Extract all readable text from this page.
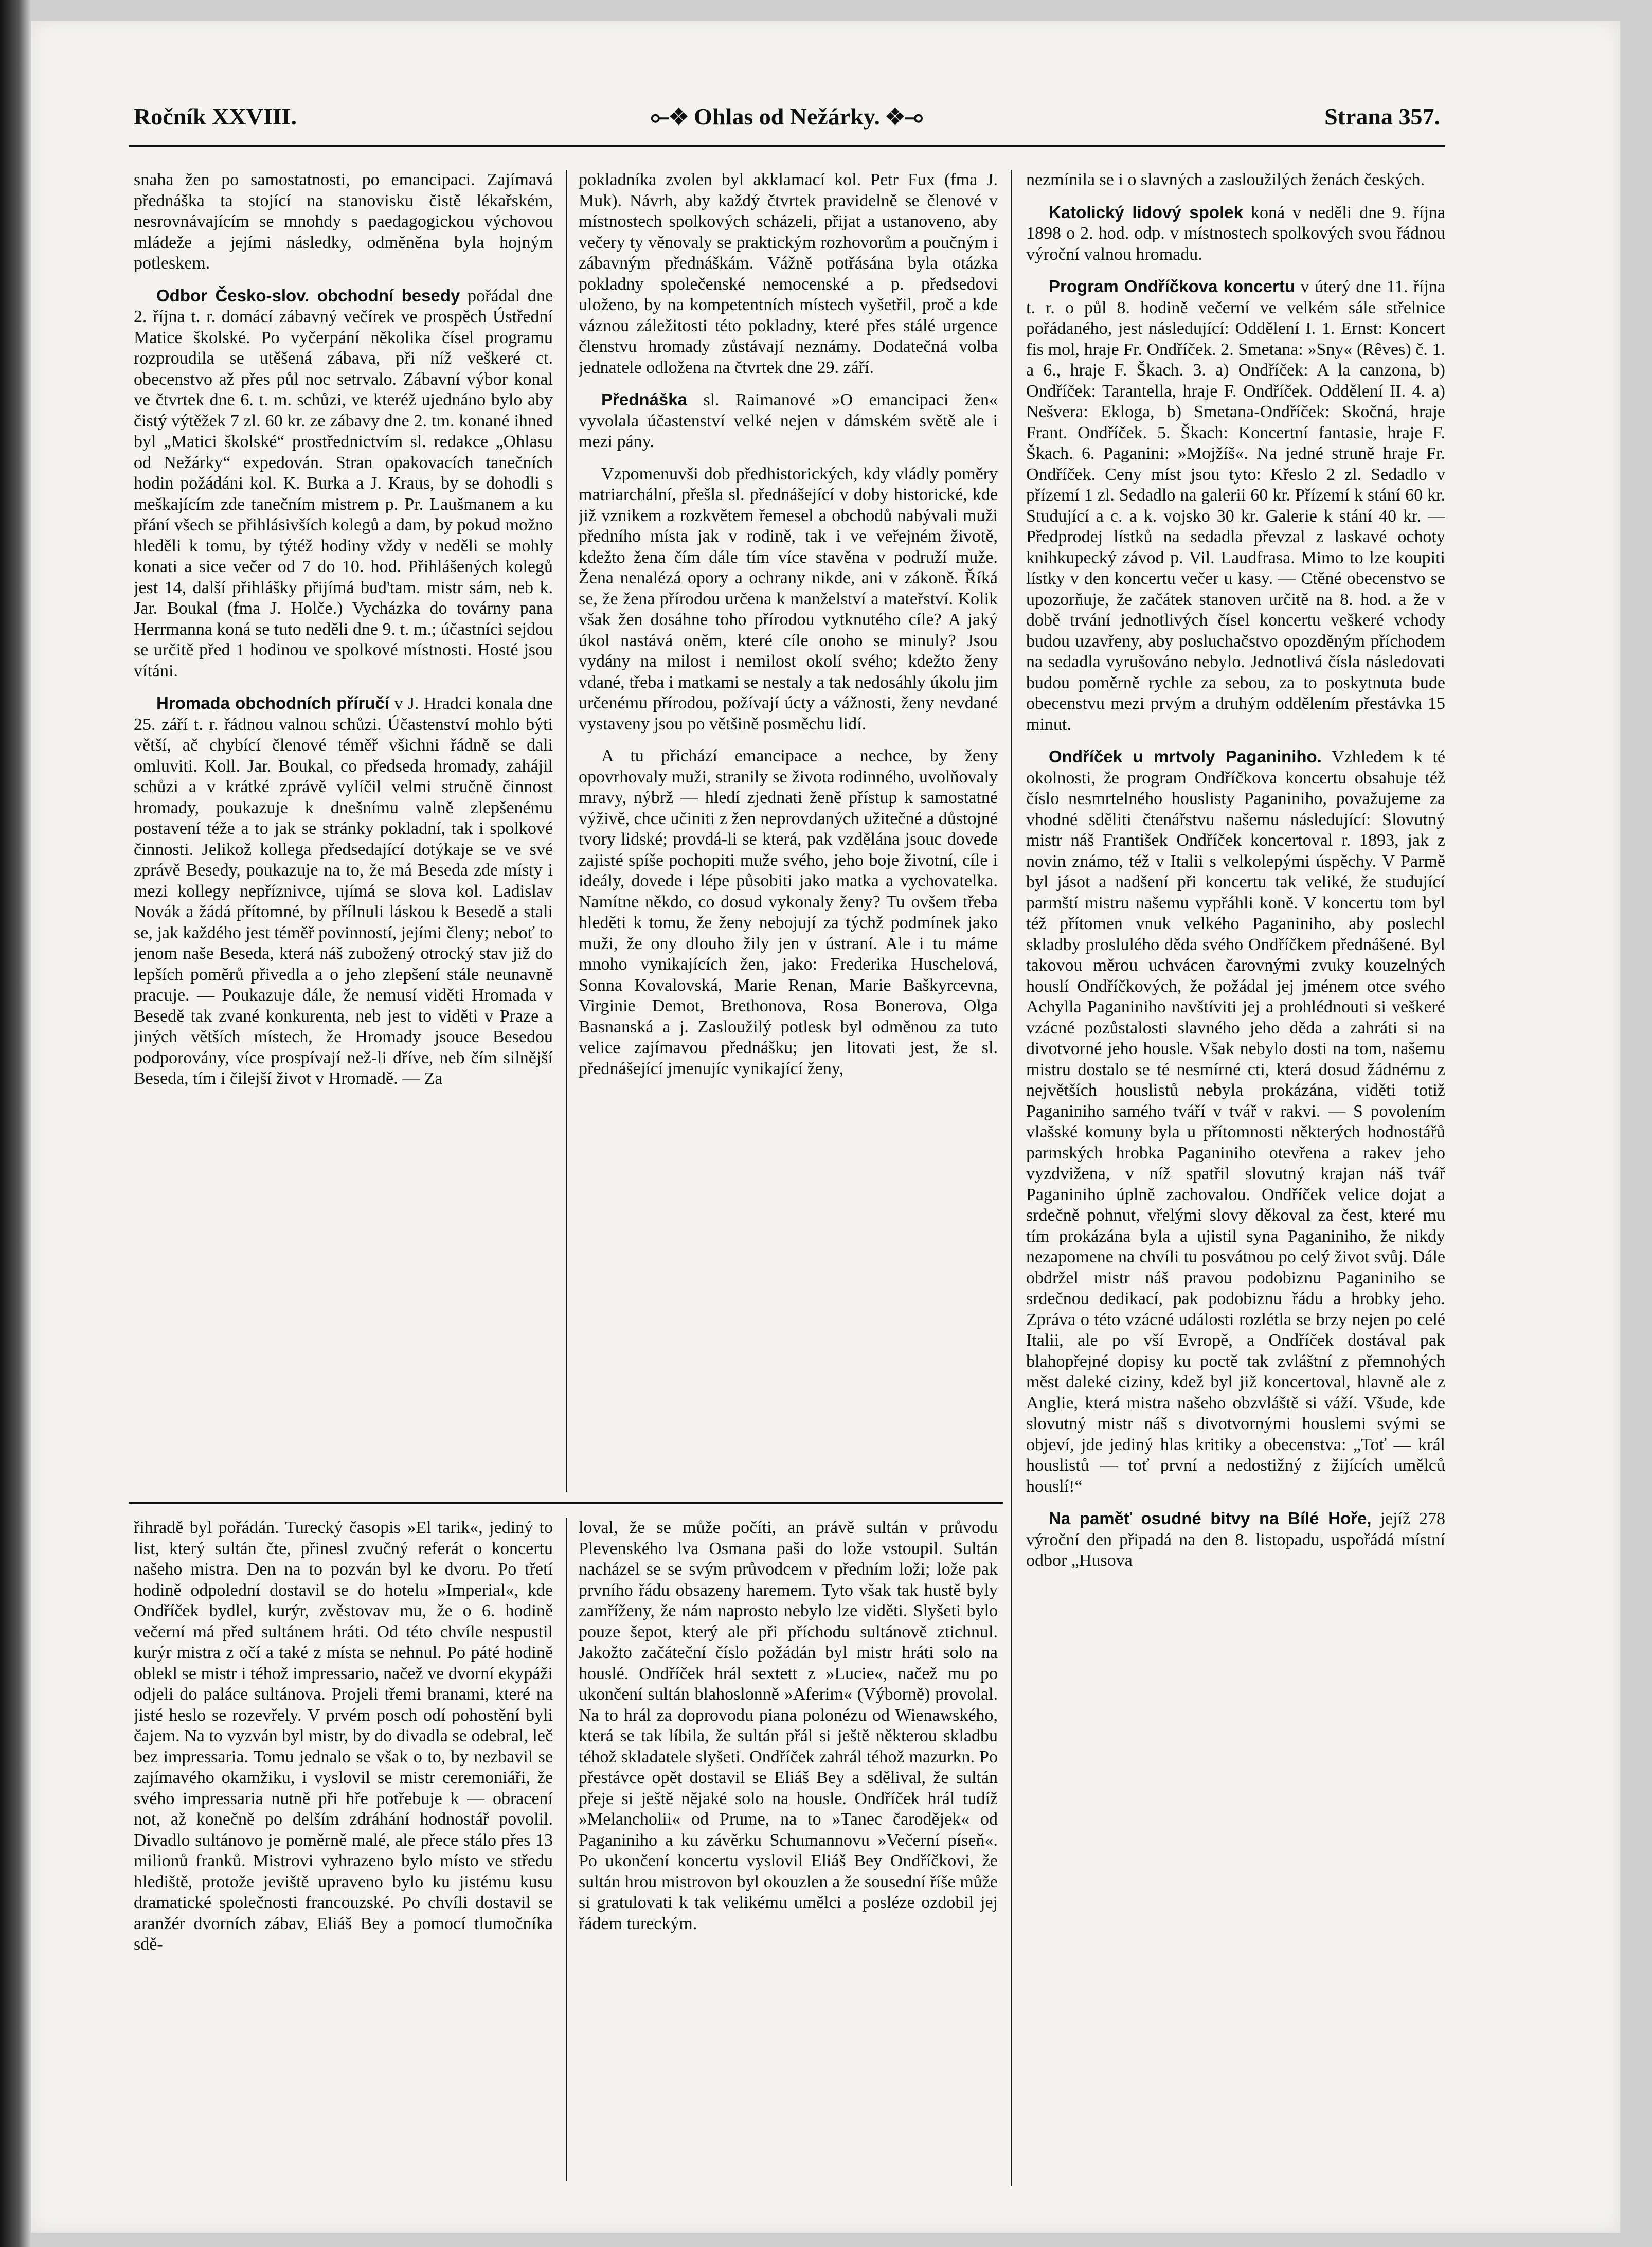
Ročník XXVIII.	⟜❖ Ohlas od Nežárky. ❖⊸	Strana 357.

snaha žen po samostatnosti, po emancipaci. Zajímavá přednáška ta stojící na stanovisku čistě lékařském, nesrovnávajícím se mnohdy s paedagogickou výchovou mládeže a jejími následky, odměněna byla hojným potleskem.

Odbor Česko-slov. obchodní besedy pořádal dne 2. října t. r. domácí zábavný večírek ve prospěch Ústřední Matice školské. Po vyčerpání několika čísel programu rozproudila se utěšená zábava, při níž veškeré ct. obecenstvo až přes půl noc setrvalo. Zábavní výbor konal ve čtvrtek dne 6. t. m. schůzi, ve kteréž ujednáno bylo aby čistý výtěžek 7 zl. 60 kr. ze zábavy dne 2. tm. konané ihned byl „Matici školské“ prostřednictvím sl. redakce „Ohlasu od Nežárky“ expedován. Stran opakovacích tanečních hodin požádáni kol. K. Burka a J. Kraus, by se dohodli s meškajícím zde tanečním mistrem p. Pr. Laušmanem a ku přání všech se přihlásivších kolegů a dam, by pokud možno hleděli k tomu, by týtéž hodiny vždy v neděli se mohly konati a sice večer od 7 do 10. hod. Přihlášených kolegů jest 14, další přihlášky přijímá bud'tam. mistr sám, neb k. Jar. Boukal (fma J. Holče.) Vycházka do továrny pana Herrmanna koná se tuto neděli dne 9. t. m.; účastníci sejdou se určitě před 1 hodinou ve spolkové místnosti. Hosté jsou vítáni.

Hromada obchodních příručí v J. Hradci konala dne 25. září t. r. řádnou valnou schůzi. Účastenství mohlo býti větší, ač chybící členové téměř všichni řádně se dali omluviti. Koll. Jar. Boukal, co předseda hromady, zahájil schůzi a v krátké zprávě vylíčil velmi stručně činnost hromady, poukazuje k dnešnímu valně zlepšenému postavení téže a to jak se stránky pokladní, tak i spolkové činnosti. Jelikož kollega předsedající dotýkaje se ve své zprávě Besedy, poukazuje na to, že má Beseda zde místy i mezi kollegy nepříznivce, ujímá se slova kol. Ladislav Novák a žádá přítomné, by přílnuli láskou k Besedě a stali se, jak každého jest téměř povinností, jejími členy; neboť to jenom naše Beseda, která náš zubožený otrocký stav již do lepších poměrů přivedla a o jeho zlepšení stále neunavně pracuje. — Poukazuje dále, že nemusí viděti Hromada v Besedě tak zvané konkurenta, neb jest to viděti v Praze a jiných větších místech, že Hromady jsouce Besedou podporovány, více prospívají než-li dříve, neb čím silnější Beseda, tím i čilejší život v Hromadě. — Za

pokladníka zvolen byl akklamací kol. Petr Fux (fma J. Muk). Návrh, aby každý čtvrtek pravidelně se členové v místnostech spolkových scházeli, přijat a ustanoveno, aby večery ty věnovaly se praktickým rozhovorům a poučným i zábavným přednáškám. Vážně potřásána byla otázka pokladny společenské nemocenské a p. předsedovi uloženo, by na kompetentních místech vyšetřil, proč a kde váznou záležitosti této pokladny, které přes stálé urgence členstvu hromady zůstávají neznámy. Dodatečná volba jednatele odložena na čtvrtek dne 29. září.

Přednáška sl. Raimanové »O emancipaci žen« vyvolala účastenství velké nejen v dámském světě ale i mezi pány.

Vzpomenuvši dob předhistorických, kdy vládly poměry matriarchální, přešla sl. přednášející v doby historické, kde již vznikem a rozkvětem řemesel a obchodů nabývali muži předního místa jak v rodině, tak i ve veřejném životě, kdežto žena čím dále tím více stavěna v podruží muže. Žena nenalézá opory a ochrany nikde, ani v zákoně. Říká se, že žena přírodou určena k manželství a mateřství. Kolik však žen dosáhne toho přírodou vytknutého cíle? A jaký úkol nastává oněm, které cíle onoho se minuly? Jsou vydány na milost i nemilost okolí svého; kdežto ženy vdané, třeba i matkami se nestaly a tak nedosáhly úkolu jim určenému přírodou, požívají úcty a vážnosti, ženy nevdané vystaveny jsou po většině posměchu lidí.

A tu přichází emancipace a nechce, by ženy opovrhovaly muži, stranily se života rodinného, uvolňovaly mravy, nýbrž — hledí zjednati ženě přístup k samostatné výživě, chce učiniti z žen neprovdaných užitečné a důstojné tvory lidské; provdá-li se která, pak vzdělána jsouc dovede zajisté spíše pochopiti muže svého, jeho boje životní, cíle i ideály, dovede i lépe působiti jako matka a vychovatelka. Namítne někdo, co dosud vykonaly ženy? Tu ovšem třeba hleděti k tomu, že ženy nebojují za týchž podmínek jako muži, že ony dlouho žily jen v ústraní. Ale i tu máme mnoho vynikajících žen, jako: Frederika Huschelová, Sonna Kovalovská, Marie Renan, Marie Baškyrcevna, Virginie Demot, Brethonova, Rosa Bonerova, Olga Basnanská a j. Zasloužilý potlesk byl odměnou za tuto velice zajímavou přednášku; jen litovati jest, že sl. přednášející jmenujíc vynikající ženy,

nezmínila se i o slavných a zasloužilých ženách českých.

Katolický lidový spolek koná v neděli dne 9. října 1898 o 2. hod. odp. v místnostech spolkových svou řádnou výroční valnou hromadu.

Program Ondříčkova koncertu v úterý dne 11. října t. r. o půl 8. hodině večerní ve velkém sále střelnice pořádaného, jest následující: Oddělení I. 1. Ernst: Koncert fis mol, hraje Fr. Ondříček. 2. Smetana: »Sny« (Rêves) č. 1. a 6., hraje F. Škach. 3. a) Ondříček: A la canzona, b) Ondříček: Tarantella, hraje F. Ondříček. Oddělení II. 4. a) Nešvera: Ekloga, b) Smetana-Ondříček: Skočná, hraje Frant. Ondříček. 5. Škach: Koncertní fantasie, hraje F. Škach. 6. Paganini: »Mojžíš«. Na jedné struně hraje Fr. Ondříček. Ceny míst jsou tyto: Křeslo 2 zl. Sedadlo v přízemí 1 zl. Sedadlo na galerii 60 kr. Přízemí k stání 60 kr. Studující a c. a k. vojsko 30 kr. Galerie k stání 40 kr. — Předprodej lístků na sedadla převzal z laskavé ochoty knihkupecký závod p. Vil. Laudfrasa. Mimo to lze koupiti lístky v den koncertu večer u kasy. — Ctěné obecenstvo se upozorňuje, že začátek stanoven určitě na 8. hod. a že v době trvání jednotlivých čísel koncertu veškeré vchody budou uzavřeny, aby posluchačstvo opozděným příchodem na sedadla vyrušováno nebylo. Jednotlivá čísla následovati budou poměrně rychle za sebou, za to poskytnuta bude obecenstvu mezi prvým a druhým oddělením přestávka 15 minut.

Ondříček u mrtvoly Paganiniho. Vzhledem k té okolnosti, že program Ondříčkova koncertu obsahuje též číslo nesmrtelného houslisty Paganiniho, považujeme za vhodné sděliti čtenářstvu našemu následující: Slovutný mistr náš František Ondříček koncertoval r. 1893, jak z novin známo, též v Italii s velkolepými úspěchy. V Parmě byl jásot a nadšení při koncertu tak veliké, že studující parmští mistru našemu vypřáhli koně. V koncertu tom byl též přítomen vnuk velkého Paganiniho, aby poslechl skladby proslulého děda svého Ondříčkem přednášené. Byl takovou měrou uchvácen čarovnými zvuky kouzelných houslí Ondříčkových, že požádal jej jménem otce svého Achylla Paganiniho navštíviti jej a prohlédnouti si veškeré vzácné pozůstalosti slavného jeho děda a zahráti si na divotvorné jeho housle. Však nebylo dosti na tom, našemu mistru dostalo se té nesmírné cti, která dosud žádnému z největších houslistů nebyla prokázána, viděti totiž Paganiniho samého tváří v tvář v rakvi. — S povolením vlašské komuny byla u přítomnosti některých hodnostářů parmských hrobka Paganiniho otevřena a rakev jeho vyzdvižena, v níž spatřil slovutný krajan náš tvář Paganiniho úplně zachovalou. Ondříček velice dojat a srdečně pohnut, vřelými slovy děkoval za čest, které mu tím prokázána byla a ujistil syna Paganiniho, že nikdy nezapomene na chvíli tu posvátnou po celý život svůj. Dále obdržel mistr náš pravou podobiznu Paganiniho se srdečnou dedikací, pak podobiznu řádu a hrobky jeho. Zpráva o této vzácné události rozlétla se brzy nejen po celé Italii, ale po vší Evropě, a Ondříček dostával pak blahopřejné dopisy ku poctě tak zvláštní z přemnohých měst daleké ciziny, kdež byl již koncertoval, hlavně ale z Anglie, která mistra našeho obzvláště si váží. Všude, kde slovutný mistr náš s divotvornými houslemi svými se objeví, jde jediný hlas kritiky a obecenstva: „Toť — král houslistů — toť první a nedostižný z žijících umělců houslí!“

Na paměť osudné bitvy na Bílé Hoře, jejíž 278 výroční den připadá na den 8. listopadu, uspořádá místní odbor „Husova

řihradě byl pořádán. Turecký časopis »El tarik«, jediný to list, který sultán čte, přinesl zvučný referát o koncertu našeho mistra. Den na to pozván byl ke dvoru. Po třetí hodině odpolední dostavil se do hotelu »Imperial«, kde Ondříček bydlel, kurýr, zvěstovav mu, že o 6. hodině večerní má před sultánem hráti. Od této chvíle nespustil kurýr mistra z očí a také z místa se nehnul. Po páté hodině oblekl se mistr i téhož impressario, načež ve dvorní ekypáži odjeli do paláce sultánova. Projeli třemi branami, které na jisté heslo se rozevřely. V prvém posch odí pohostění byli čajem. Na to vyzván byl mistr, by do divadla se odebral, leč bez impressaria. Tomu jednalo se však o to, by nezbavil se zajímavého okamžiku, i vyslovil se mistr ceremoniáři, že svého impressaria nutně při hře potřebuje k — obracení not, až konečně po delším zdráhání hodnostář povolil. Divadlo sultánovo je poměrně malé, ale přece stálo přes 13 milionů franků. Mistrovi vyhrazeno bylo místo ve středu hlediště, protože jeviště upraveno bylo ku jistému kusu dramatické společnosti francouzské. Po chvíli dostavil se aranžér dvorních zábav, Eliáš Bey a pomocí tlumočníka sdě-

loval, že se může počíti, an právě sultán v průvodu Plevenského lva Osmana paši do lože vstoupil. Sultán nacházel se se svým průvodcem v předním loži; lože pak prvního řádu obsazeny haremem. Tyto však tak hustě byly zamříženy, že nám naprosto nebylo lze viděti. Slyšeti bylo pouze šepot, který ale při příchodu sultánově ztichnul. Jakožto začáteční číslo požádán byl mistr hráti solo na houslé. Ondříček hrál sextett z »Lucie«, načež mu po ukončení sultán blahoslonně »Aferim« (Výborně) provolal. Na to hrál za doprovodu piana polonézu od Wienawského, která se tak líbila, že sultán přál si ještě některou skladbu téhož skladatele slyšeti. Ondříček zahrál téhož mazurkn. Po přestávce opět dostavil se Eliáš Bey a sdělival, že sultán přeje si ještě nějaké solo na housle. Ondříček hrál tudíž »Melancholii« od Prume, na to »Tanec čarodějek« od Paganiniho a ku závěrku Schumannovu »Večerní píseň«. Po ukončení koncertu vyslovil Eliáš Bey Ondříčkovi, že sultán hrou mistrovon byl okouzlen a že sousední říše může si gratulovati k tak velikému umělci a posléze ozdobil jej řádem tureckým.
